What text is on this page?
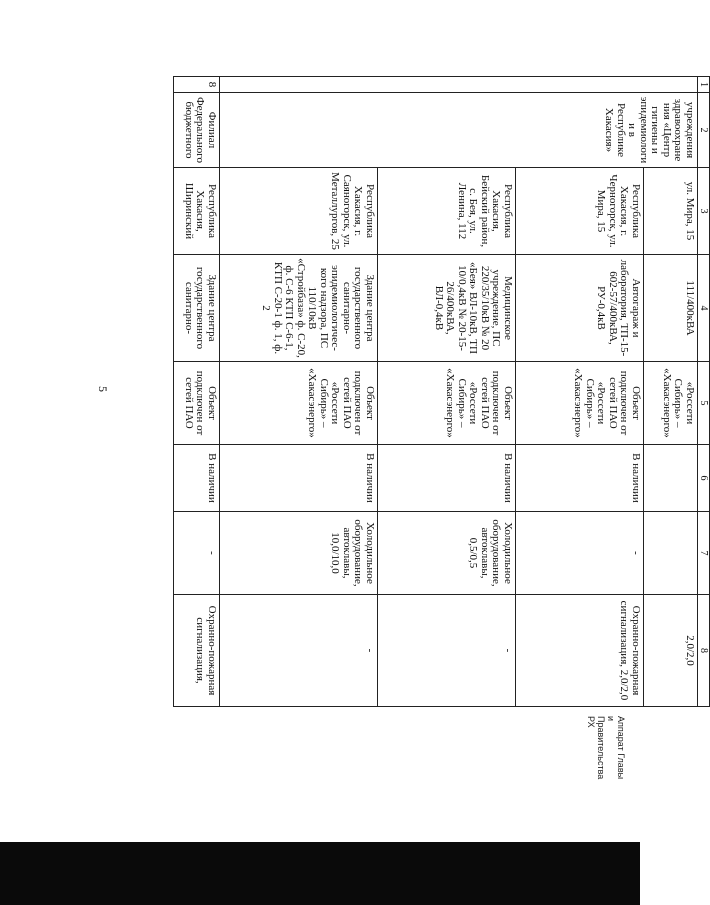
5
1	2	3	4	5	6	7	8
	учреждения здравоохранения «Центр гигиены и эпидемиологии в Республике Хакасия»	ул. Мира, 15	111/400кВА	«Россети Сибирь» – «Хакасэнерго»			2,0/2,0
		Республика Хакасия, г. Черногорск, ул. Мира, 15	Автогараж и лаборатория, ТП-15-602-57/400кВА, РУ-0,4кВ	Объект подключен от сетей ПАО «Россети Сибирь» – «Хакасэнерго»	В наличии	-	Охранно-пожарная сигнализация, 2,0/2,0
		Республика Хакасия, Бейский район, с. Бея, ул. Ленина, 112	Медицинское учреждение, ПС 220/35/10кВ № 20 «Бея» ВЛ-10кВ, ТП 10/0,4кВ № 20-15-26/400кВА, ВЛ-0,4кВ	Объект подключен от сетей ПАО «Россети Сибирь» – «Хакасэнерго»	В наличии	Холодильное оборудование, автоклавы, 0,5/0,5	-
		Республика Хакасия, г. Саяногорск, ул. Металлургов, 25	Здание центра государственного санитарно-эпидемиологичес-кого надзора, ПС 110/10кВ «Стройбаза» ф. С-20, ф. С-6 КТП С-6-1, КТП С-20-1 ф. 1, ф. 2	Объект подключен от сетей ПАО «Россети Сибирь» – «Хакасэнерго»	В наличии	Холодильное оборудование, автоклавы, 10,0/10,0	-
8	Филиал Федерального бюджетного	Республика Хакасия, Ширинский	Здание центра государственного санитарно-	Объект подключен от сетей ПАО	В наличии	-	Охранно-пожарная сигнализация,
Аппарат Главы
и Правительства РХ
